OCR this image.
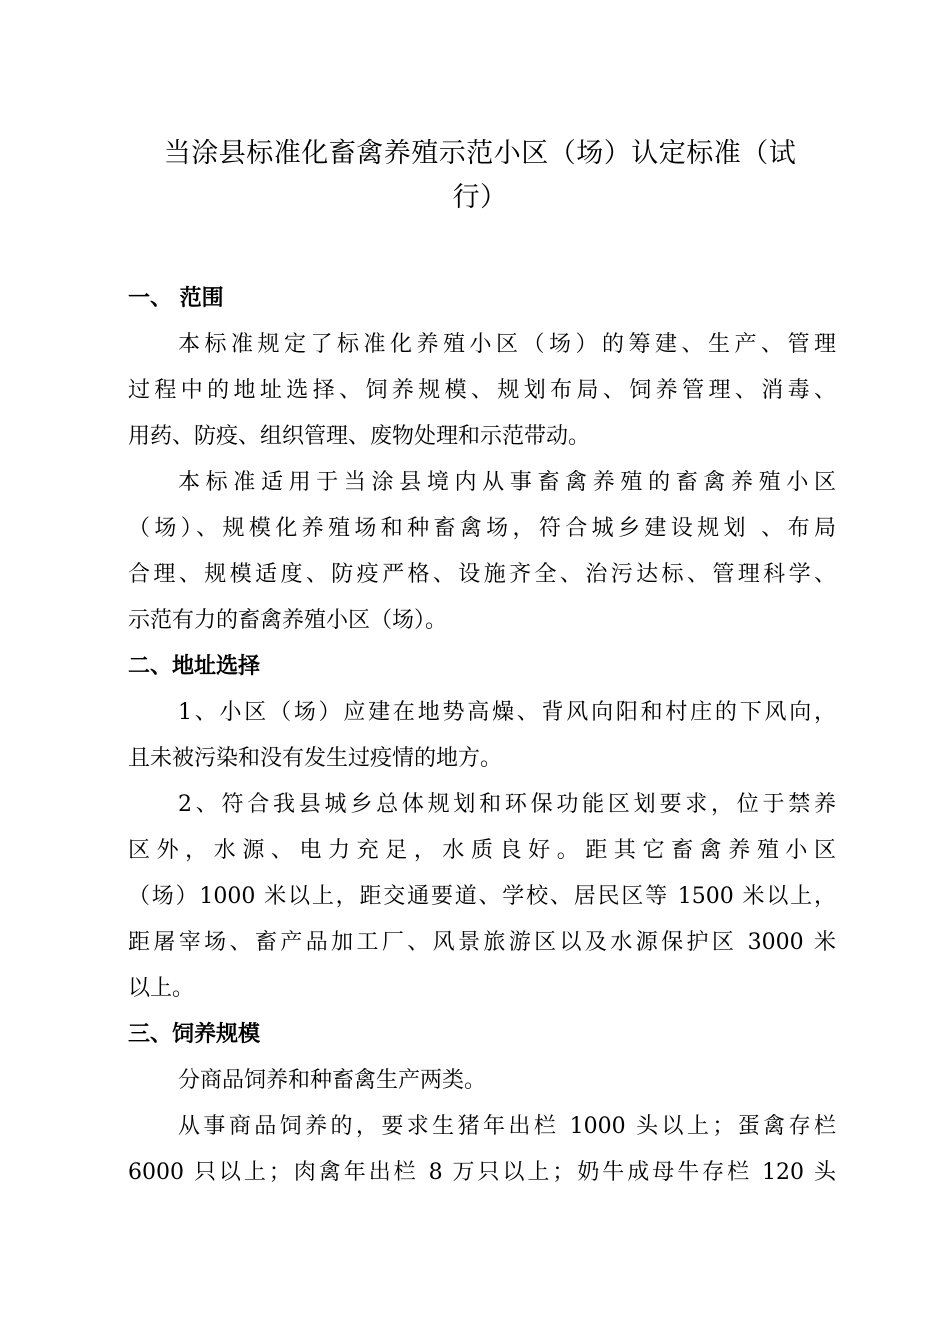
当涂县标准化畜禽养殖示范小区（场）认定标准（试
行）

一、 范围

本标准规定了标准化养殖小区（场）的筹建、生产、管理
过程中的地址选择、饲养规模、规划布局、饲养管理、消毒、
用药、防疫、组织管理、废物处理和示范带动。

本标准适用于当涂县境内从事畜禽养殖的畜禽养殖小区
（场）、规模化养殖场和种畜禽场，符合城乡建设规划 、布局
合理、规模适度、防疫严格、设施齐全、治污达标、管理科学、
示范有力的畜禽养殖小区（场）。

二、地址选择

1、小区（场）应建在地势高燥、背风向阳和村庄的下风向，
且未被污染和没有发生过疫情的地方。

2、符合我县城乡总体规划和环保功能区划要求，位于禁养
区外，水源、电力充足，水质良好。距其它畜禽养殖小区
（场）1000 米以上，距交通要道、学校、居民区等 1500 米以上，
距屠宰场、畜产品加工厂、风景旅游区以及水源保护区 3000 米
以上。

三、饲养规模

分商品饲养和种畜禽生产两类。

从事商品饲养的，要求生猪年出栏 1000 头以上；蛋禽存栏
6000 只以上；肉禽年出栏 8 万只以上；奶牛成母牛存栏 120 头
